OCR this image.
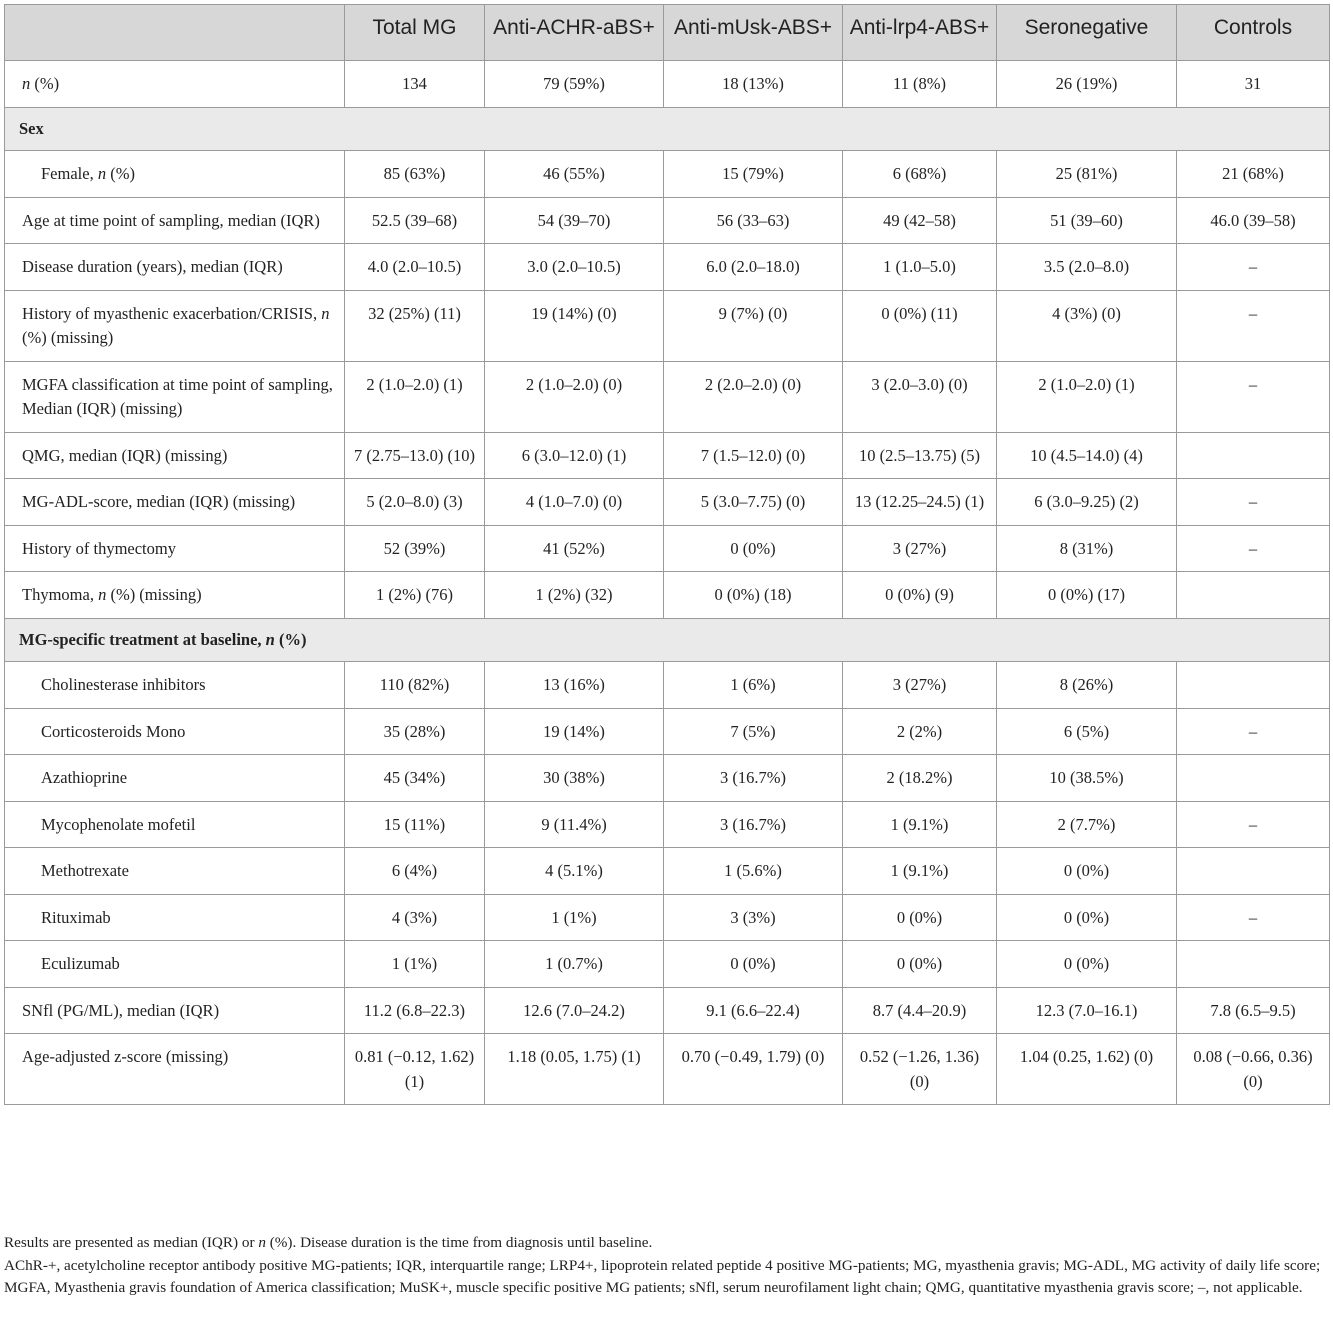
	Total MG	Anti-ACHR-aBS+	Anti-mUsk-ABS+	Anti-lrp4-ABS+	Seronegative	Controls
n (%)	134	79 (59%)	18 (13%)	11 (8%)	26 (19%)	31
Sex						
Female, n (%)	85 (63%)	46 (55%)	15 (79%)	6 (68%)	25 (81%)	21 (68%)
Age at time point of sampling, median (IQR)	52.5 (39–68)	54 (39–70)	56 (33–63)	49 (42–58)	51 (39–60)	46.0 (39–58)
Disease duration (years), median (IQR)	4.0 (2.0–10.5)	3.0 (2.0–10.5)	6.0 (2.0–18.0)	1 (1.0–5.0)	3.5 (2.0–8.0)	–
History of myasthenic exacerbation/CRISIS, n (%) (missing)	32 (25%) (11)	19 (14%) (0)	9 (7%) (0)	0 (0%) (11)	4 (3%) (0)	–
MGFA classification at time point of sampling, Median (IQR) (missing)	2 (1.0–2.0) (1)	2 (1.0–2.0) (0)	2 (2.0–2.0) (0)	3 (2.0–3.0) (0)	2 (1.0–2.0) (1)	–
QMG, median (IQR) (missing)	7 (2.75–13.0) (10)	6 (3.0–12.0) (1)	7 (1.5–12.0) (0)	10 (2.5–13.75) (5)	10 (4.5–14.0) (4)	
MG-ADL-score, median (IQR) (missing)	5 (2.0–8.0) (3)	4 (1.0–7.0) (0)	5 (3.0–7.75) (0)	13 (12.25–24.5) (1)	6 (3.0–9.25) (2)	–
History of thymectomy	52 (39%)	41 (52%)	0 (0%)	3 (27%)	8 (31%)	–
Thymoma, n (%) (missing)	1 (2%) (76)	1 (2%) (32)	0 (0%) (18)	0 (0%) (9)	0 (0%) (17)	
MG-specific treatment at baseline, n (%)						
Cholinesterase inhibitors	110 (82%)	13 (16%)	1 (6%)	3 (27%)	8 (26%)	
Corticosteroids Mono	35 (28%)	19 (14%)	7 (5%)	2 (2%)	6 (5%)	–
Azathioprine	45 (34%)	30 (38%)	3 (16.7%)	2 (18.2%)	10 (38.5%)	
Mycophenolate mofetil	15 (11%)	9 (11.4%)	3 (16.7%)	1 (9.1%)	2 (7.7%)	–
Methotrexate	6 (4%)	4 (5.1%)	1 (5.6%)	1 (9.1%)	0 (0%)	
Rituximab	4 (3%)	1 (1%)	3 (3%)	0 (0%)	0 (0%)	–
Eculizumab	1 (1%)	1 (0.7%)	0 (0%)	0 (0%)	0 (0%)	
SNfl (PG/ML), median (IQR)	11.2 (6.8–22.3)	12.6 (7.0–24.2)	9.1 (6.6–22.4)	8.7 (4.4–20.9)	12.3 (7.0–16.1)	7.8 (6.5–9.5)
Age-adjusted z-score (missing)	0.81 (−0.12, 1.62) (1)	1.18 (0.05, 1.75) (1)	0.70 (−0.49, 1.79) (0)	0.52 (−1.26, 1.36) (0)	1.04 (0.25, 1.62) (0)	0.08 (−0.66, 0.36) (0)

Results are presented as median (IQR) or n (%). Disease duration is the time from diagnosis until baseline.

AChR-+, acetylcholine receptor antibody positive MG-patients; IQR, interquartile range; LRP4+, lipoprotein related peptide 4 positive MG-patients; MG, myasthenia gravis; MG-ADL, MG activity of daily life score; MGFA, Myasthenia gravis foundation of America classification; MuSK+, muscle specific positive MG patients; sNfl, serum neurofilament light chain; QMG, quantitative myasthenia gravis score; –, not applicable.
